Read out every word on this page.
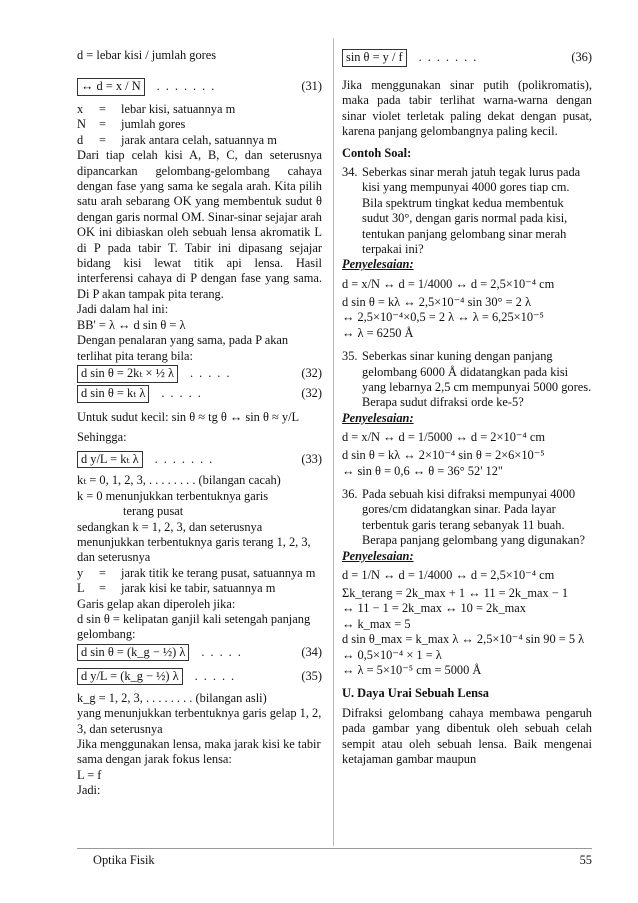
d = lebar kisi / jumlah gores
↔ d = x / N	.......	(31)
x	=	lebar kisi, satuannya m
N	=	jumlah gores
d	=	jarak antara celah, satuannya m
Dari tiap celah kisi A, B, C, dan seterusnya dipancarkan gelombang-gelombang cahaya dengan fase yang sama ke segala arah. Kita pilih satu arah sebarang OK yang membentuk sudut θ dengan garis normal OM. Sinar-sinar sejajar arah OK ini dibiaskan oleh sebuah lensa akromatik L di P pada tabir T. Tabir ini dipasang sejajar bidang kisi lewat titik api lensa. Hasil interferensi cahaya di P dengan fase yang sama. Di P akan tampak pita terang.
Jadi dalam hal ini:
BB' = λ ↔ d sin θ = λ
Dengan penalaran yang sama, pada P akan terlihat pita terang bila:
d sin θ = 2kₜ × ½ λ	.....	(32)
d sin θ = kₜ λ	.....	(32)
Untuk sudut kecil: sin θ ≈ tg θ ↔ sin θ ≈ y/L
Sehingga:
d y/L = kₜ λ	.......	(33)
kₜ = 0, 1, 2, 3, . . . . . . . . (bilangan cacah)
k = 0 menunjukkan terbentuknya garis
terang pusat
sedangkan k = 1, 2, 3, dan seterusnya menunjukkan terbentuknya garis terang 1, 2, 3, dan seterusnya
y	=	jarak titik ke terang pusat, satuannya m
L	=	jarak kisi ke tabir, satuannya m
Garis gelap akan diperoleh jika:
d sin θ = kelipatan ganjil kali setengah panjang gelombang:
d sin θ = (k_g − ½) λ	.....	(34)
d y/L = (k_g − ½) λ	.....	(35)
k_g = 1, 2, 3, . . . . . . . . (bilangan asli)
yang menunjukkan terbentuknya garis gelap 1, 2, 3, dan seterusnya
Jika menggunakan lensa, maka jarak kisi ke tabir sama dengan jarak fokus lensa:
L = f
Jadi:
sin θ = y / f	.......	(36)
Jika menggunakan sinar putih (polikromatis), maka pada tabir terlihat warna-warna dengan sinar violet terletak paling dekat dengan pusat, karena panjang gelombangnya paling kecil.
Contoh Soal:
34. Seberkas sinar merah jatuh tegak lurus pada kisi yang mempunyai 4000 gores tiap cm. Bila spektrum tingkat kedua membentuk sudut 30°, dengan garis normal pada kisi, tentukan panjang gelombang sinar merah terpakai ini?
Penyelesaian:
d = x/N ↔ d = 1/4000 ↔ d = 2,5×10⁻⁴ cm
d sin θ = kλ ↔ 2,5×10⁻⁴ sin 30° = 2 λ
↔ 2,5×10⁻⁴×0,5 = 2 λ ↔ λ = 6,25×10⁻⁵
↔ λ = 6250 Å
35. Seberkas sinar kuning dengan panjang gelombang 6000 Å didatangkan pada kisi yang lebarnya 2,5 cm mempunyai 5000 gores. Berapa sudut difraksi orde ke-5?
Penyelesaian:
d = x/N ↔ d = 1/5000 ↔ d = 2×10⁻⁴ cm
d sin θ = kλ ↔ 2×10⁻⁴ sin θ = 2×6×10⁻⁵
↔ sin θ = 0,6 ↔ θ = 36° 52' 12"
36. Pada sebuah kisi difraksi mempunyai 4000 gores/cm didatangkan sinar. Pada layar terbentuk garis terang sebanyak 11 buah. Berapa panjang gelombang yang digunakan?
Penyelesaian:
d = 1/N ↔ d = 1/4000 ↔ d = 2,5×10⁻⁴ cm
Σk_terang = 2k_max + 1 ↔ 11 = 2k_max − 1
↔ 11 − 1 = 2k_max ↔ 10 = 2k_max
↔ k_max = 5
d sin θ_max = k_max λ ↔ 2,5×10⁻⁴ sin 90 = 5 λ
↔ 0,5×10⁻⁴ × 1 = λ
↔ λ = 5×10⁻⁵ cm = 5000 Å
U. Daya Urai Sebuah Lensa
Difraksi gelombang cahaya membawa pengaruh pada gambar yang dibentuk oleh sebuah celah sempit atau oleh sebuah lensa. Baik mengenai ketajaman gambar maupun
Optika Fisik	55
